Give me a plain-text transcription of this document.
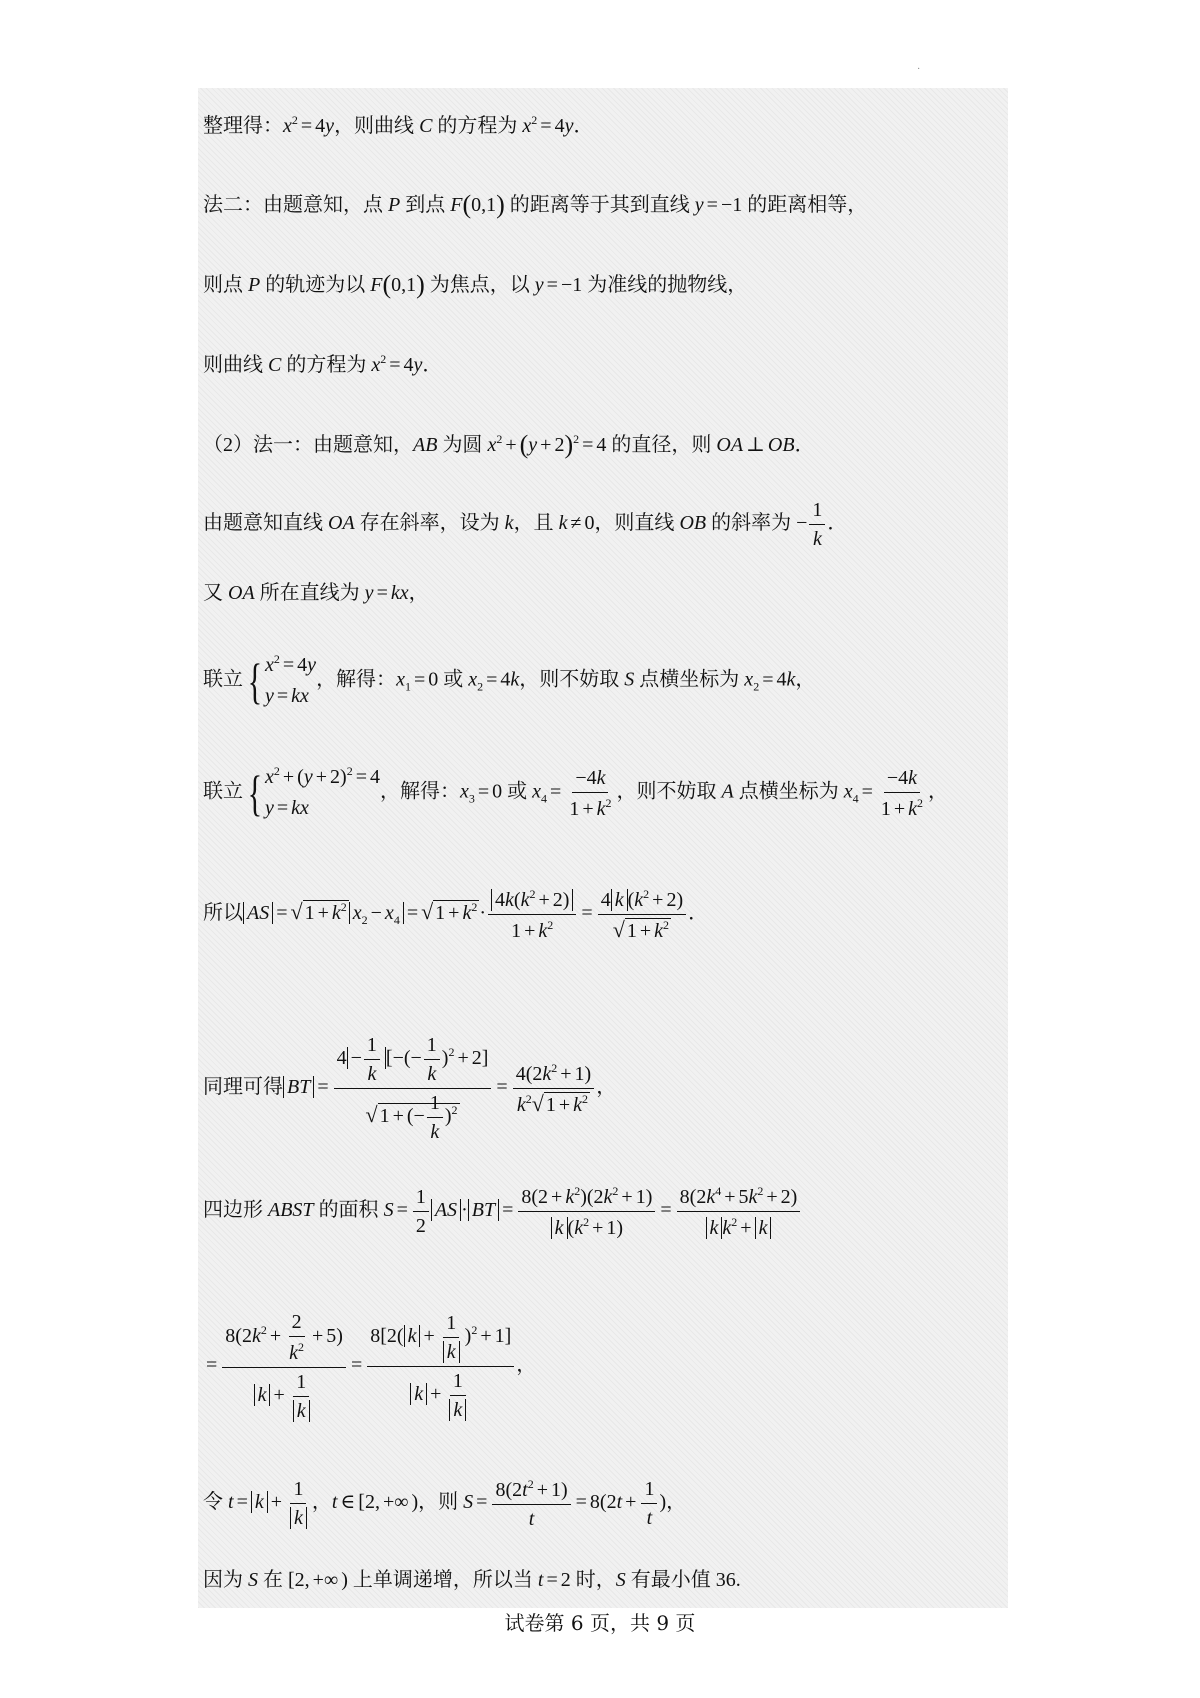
·
整理得：$x^2 = 4y$，则曲线 C 的方程为 $x^2 = 4y$．
法二：由题意知，点 P 到点 F(0,1) 的距离等于其到直线 y = −1 的距离相等，
则点 P 的轨迹为以 F(0,1) 为焦点，以 y = −1 为准线的抛物线，
则曲线 C 的方程为 $x^2 = 4y$．
（2）法一：由题意知，AB 为圆 $x^2 + (y + 2)^2 = 4$ 的直径，则 OA ⊥ OB．
由题意知直线 OA 存在斜率，设为 k，且 k ≠ 0，则直线 OB 的斜率为 − $\frac{1}{k}$ ．
又 OA 所在直线为 y = kx，
联立 { $x^2 = 4y$
y = kx
，解得：$x_1 = 0$ 或 $x_2 = 4k$，则不妨取 S 点横坐标为 $x_2 = 4k$，
联立 { $x^2 + (y + 2)^2 = 4$
y = kx
，解得：$x_3 = 0$ 或 $x_4 = \frac{-4k}{1 + k^2}$ ，则不妨取 A 点横坐标为 $x_4 = \frac{-4k}{1 + k^2}$ ，
所以 AS = √ $1 + k^2$ $x_2 - x_4$ = √ $1 + k^2 \cdot \frac{4k(k^2 + 2)}{1 + k^2} = \frac{4 k (k^2 + 2)}{√ 1 + k^2}$ ．
同理可得 BT = $\frac{4 - \frac{1}{k} [-(- \frac{1}{k} )^2 + 2]}{√ 1 + (- \frac{1}{k} )^2} = \frac{4(2k^2 + 1)}{k^2√ 1 + k^2}$ ，
四边形 ABST 的面积 $S = \frac{1}{2}$ AS · BT = $\frac{8(2 + k^2)(2k^2 + 1)}{k (k^2 + 1)} = \frac{8(2k^4 + 5k^2 + 2)}{k k^2 + k}$
= $\frac{8(2k^2 + \frac{2}{k^2} + 5)}{k + \frac{1}{k}} = \frac{8[2( k + \frac{1}{k} )^2 + 1]}{k + \frac{1}{k}}$ ，
令 $t = k + \frac{1}{k}$ ，t ∈ [2, +∞ )，则 $S = \frac{8(2t^2 + 1)}{t} = 8(2t + \frac{1}{t}$ )，
因为 S 在 [2, +∞ ) 上单调递增，所以当 t = 2 时，S 有最小值 36.
试卷第 6 页，共 9 页
